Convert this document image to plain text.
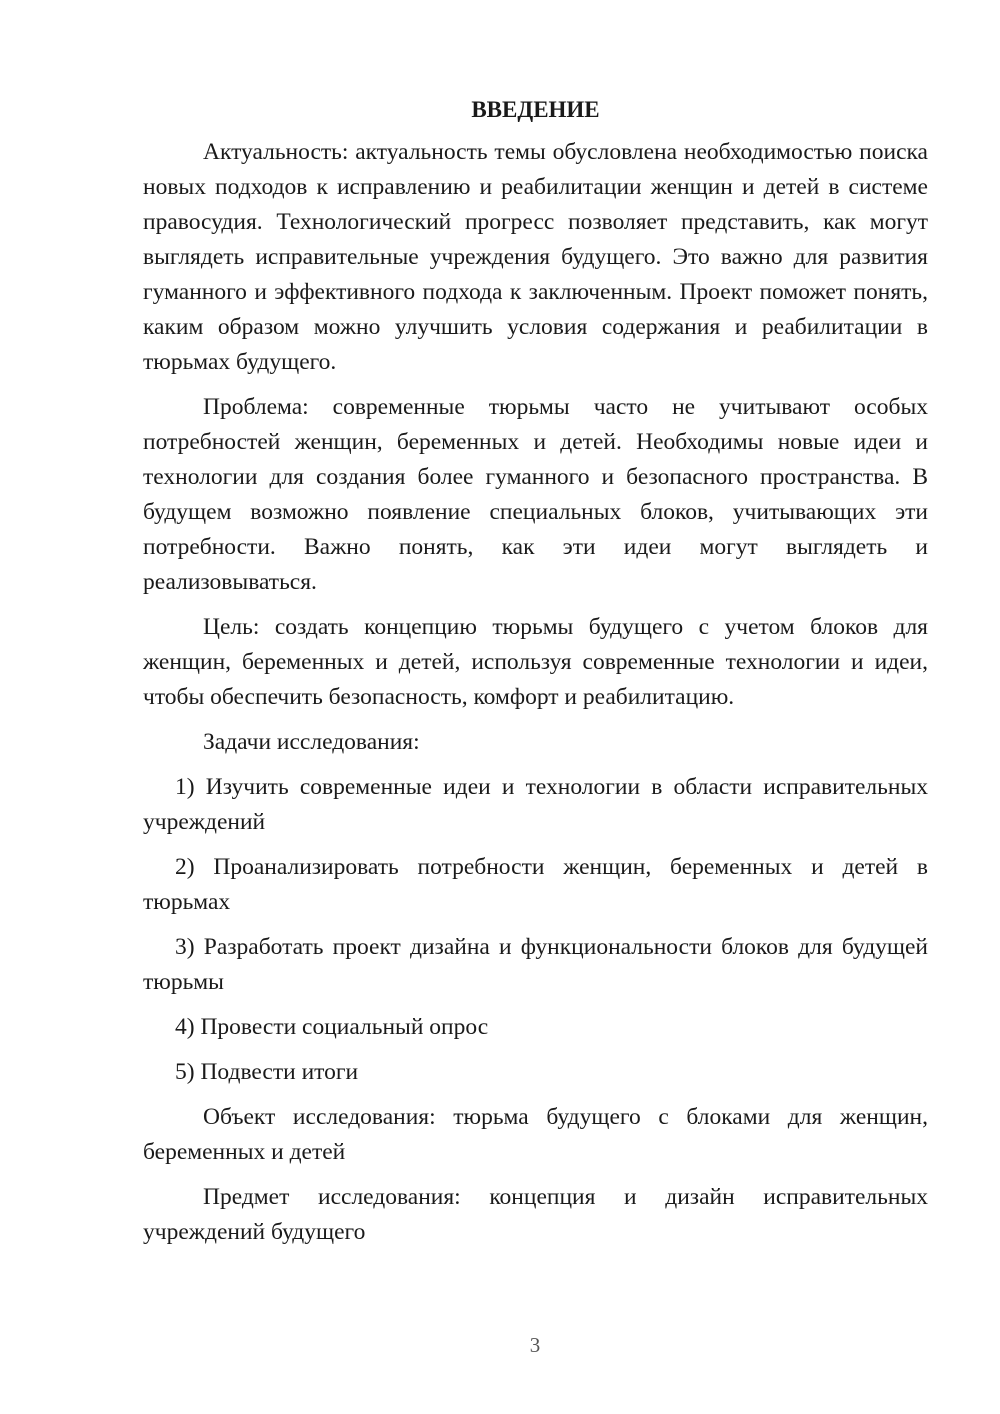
ВВЕДЕНИЕ

Актуальность: актуальность темы обусловлена необходимостью поиска новых подходов к исправлению и реабилитации женщин и детей в системе правосудия. Технологический прогресс позволяет представить, как могут выглядеть исправительные учреждения будущего. Это важно для развития гуманного и эффективного подхода к заключенным. Проект поможет понять, каким образом можно улучшить условия содержания и реабилитации в тюрьмах будущего.

Проблема: современные тюрьмы часто не учитывают особых потребностей женщин, беременных и детей. Необходимы новые идеи и технологии для создания более гуманного и безопасного пространства. В будущем возможно появление специальных блоков, учитывающих эти потребности. Важно понять, как эти идеи могут выглядеть и реализовываться.

Цель: создать концепцию тюрьмы будущего с учетом блоков для женщин, беременных и детей, используя современные технологии и идеи, чтобы обеспечить безопасность, комфорт и реабилитацию.

Задачи исследования:

1) Изучить современные идеи и технологии в области исправительных учреждений

2) Проанализировать потребности женщин, беременных и детей в тюрьмах

3) Разработать проект дизайна и функциональности блоков для будущей тюрьмы

4) Провести социальный опрос

5) Подвести итоги

Объект исследования: тюрьма будущего с блоками для женщин, беременных и детей

Предмет исследования: концепция и дизайн исправительных учреждений будущего

3
